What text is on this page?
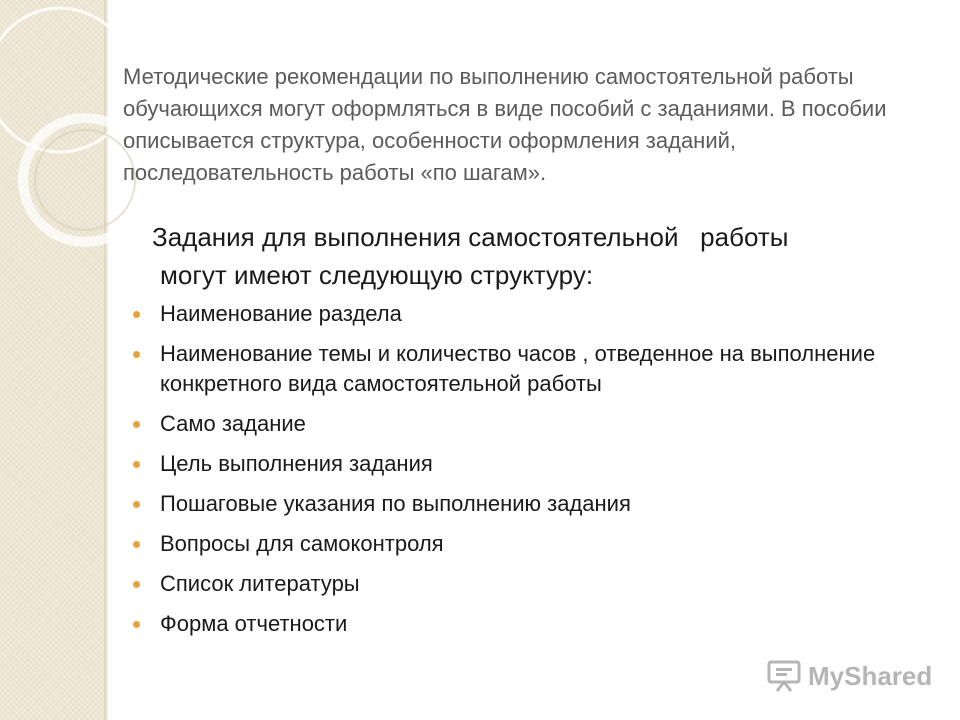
Методические рекомендации по выполнению самостоятельной работы обучающихся могут оформляться в виде пособий с заданиями. В пособии описывается структура, особенности оформления заданий, последовательность работы «по шагам».

Задания для выполнения самостоятельной   работы
могут имеют следующую структуру:
Наименование раздела
Наименование темы и количество часов , отведенное на выполнение конкретного вида самостоятельной работы
Само задание
Цель выполнения задания
Пошаговые указания по выполнению задания
Вопросы для самоконтроля
Список литературы
Форма отчетности
MyShared
